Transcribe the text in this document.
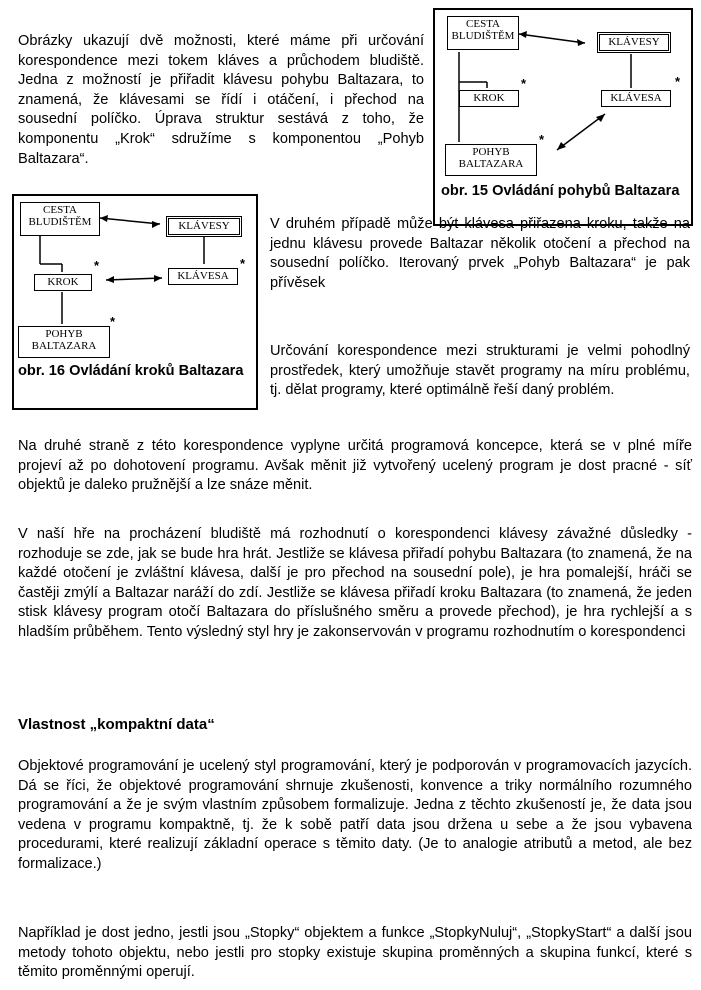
Obrázky ukazují dvě možnosti, které máme při určování korespondence mezi tokem kláves a průchodem bludiště. Jedna z možností je přiřadit klávesu pohybu Baltazara, to znamená, že klávesami se řídí i otáčení, i přechod na sousední políčko. Úprava struktur sestává z toho, že komponentu „Krok“ sdružíme s komponentou „Pohyb Baltazara“.

CESTA BLUDIŠTĚM	KLÁVESY
KROK
*
KLÁVESA
*
POHYB BALTAZARA
*
obr. 15 Ovládání pohybů Baltazara
CESTA BLUDIŠTĚM	KLÁVESY
KROK
*
KLÁVESA
*
POHYB BALTAZARA
*
obr. 16 Ovládání kroků Baltazara

V druhém případě může být klávesa přiřazena kroku, takže na jednu klávesu provede Baltazar několik otočení a přechod na sousední políčko. Iterovaný prvek „Pohyb Baltazara“ je pak přívěsek

Určování korespondence mezi strukturami je velmi pohodlný prostředek, který umožňuje stavět programy na míru problému, tj. dělat programy, které optimálně řeší daný problém.

Na druhé straně z této korespondence vyplyne určitá programová koncepce, která se v plné míře projeví až po dohotovení programu. Avšak měnit již vytvořený ucelený program je dost pracné - síť objektů je daleko pružnější a lze snáze měnit.

V naší hře na procházení bludiště má rozhodnutí o korespondenci klávesy závažné důsledky - rozhoduje se zde, jak se bude hra hrát. Jestliže se klávesa přiřadí pohybu Baltazara (to znamená, že na každé otočení je zvláštní klávesa, další je pro přechod na sousední pole), je hra pomalejší, hráči se častěji zmýlí a Baltazar naráží do zdí. Jestliže se klávesa přiřadí kroku Baltazara (to znamená, že jeden stisk klávesy program otočí Baltazara do příslušného směru a provede přechod), je hra rychlejší a s hladším průběhem. Tento výsledný styl hry je zakonservován v programu rozhodnutím o korespondenci

Vlastnost „kompaktní data“

Objektové programování je ucelený styl programování, který je podporován v programovacích jazycích. Dá se říci, že objektové programování shrnuje zkušenosti, konvence a triky normálního rozumného programování a že je svým vlastním způsobem formalizuje. Jedna z těchto zkušeností je, že data jsou vedena v programu kompaktně, tj. že k sobě patří data jsou držena u sebe a že jsou vybavena procedurami, které realizují základní operace s těmito daty. (Je to analogie atributů a metod, ale bez formalizace.)

Například je dost jedno, jestli jsou „Stopky“ objektem a funkce „StopkyNuluj“, „StopkyStart“ a další jsou metody tohoto objektu, nebo jestli pro stopky existuje skupina proměnných a skupina funkcí, které s těmito proměnnými operují.
